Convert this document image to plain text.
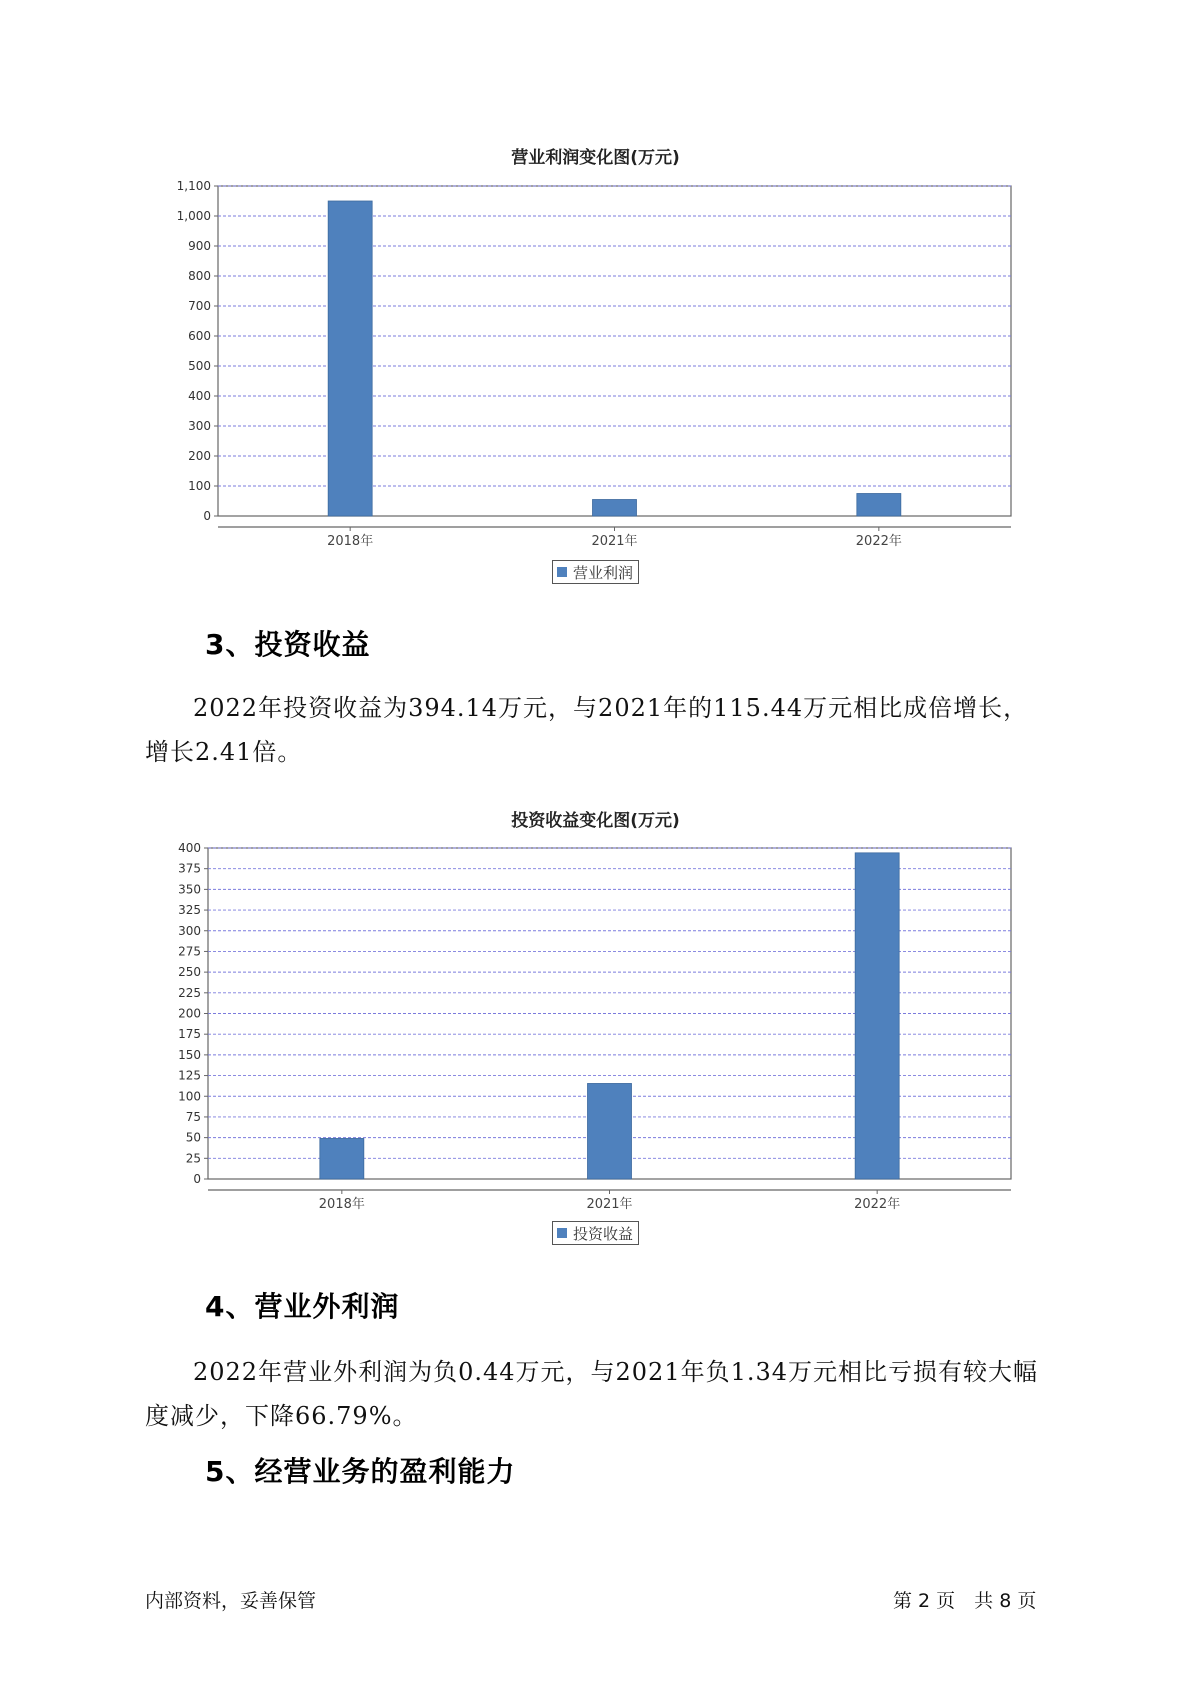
营业利润变化图(万元)
0
100
200
300
400
500
600
700
800
900
1,000
1,100
2018年	2021年	2022年
营业利润
3、投资收益

2022年投资收益为394.14万元，与2021年的115.44万元相比成倍增长，增长2.41倍。

投资收益变化图(万元)
0
25
50
75
100
125
150
175
200
225
250
275
300
325
350
375
400
2018年	2021年	2022年
投资收益
4、营业外利润

2022年营业外利润为负0.44万元，与2021年负1.34万元相比亏损有较大幅度减少，下降66.79%。

5、经营业务的盈利能力
内部资料，妥善保管	第 2 页　共 8 页
